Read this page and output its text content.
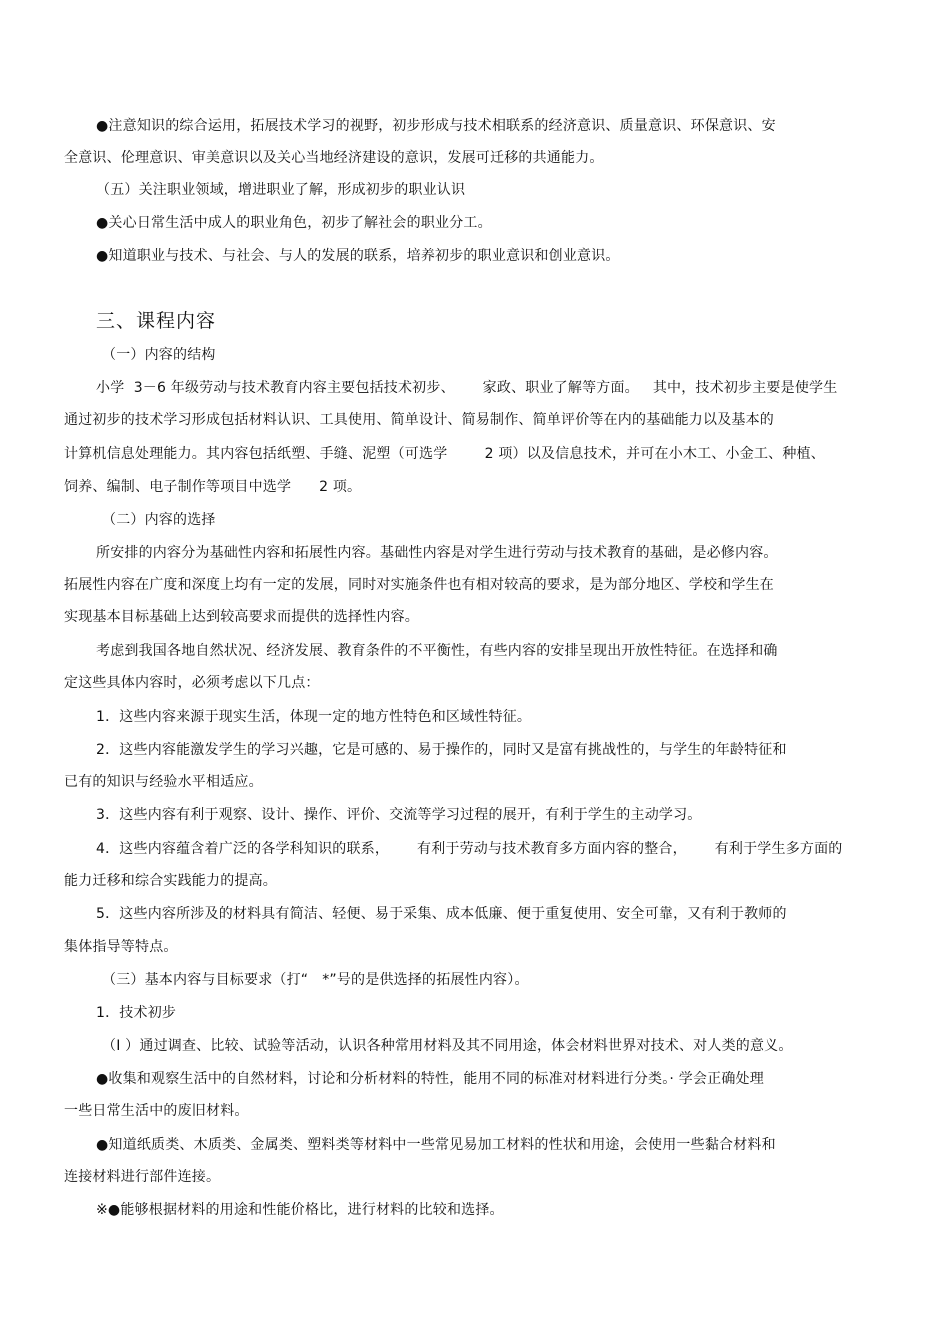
●注意知识的综合运用，拓展技术学习的视野，初步形成与技术相联系的经济意识、质量意识、环保意识、安
全意识、伦理意识、审美意识以及关心当地经济建设的意识，发展可迁移的共通能力。
（五）关注职业领域，增进职业了解，形成初步的职业认识
●关心日常生活中成人的职业角色，初步了解社会的职业分工。
●知道职业与技术、与社会、与人的发展的联系，培养初步的职业意识和创业意识。
三、课程内容
（一）内容的结构
小学  3－6 年级劳动与技术教育内容主要包括技术初步、      家政、职业了解等方面。   其中，技术初步主要是使学生
通过初步的技术学习形成包括材料认识、工具使用、简单设计、简易制作、简单评价等在内的基础能力以及基本的
计算机信息处理能力。其内容包括纸塑、手缝、泥塑（可选学        2 项）以及信息技术，并可在小木工、小金工、种植、
饲养、编制、电子制作等项目中选学      2 项。
（二）内容的选择
所安排的内容分为基础性内容和拓展性内容。基础性内容是对学生进行劳动与技术教育的基础，是必修内容。
拓展性内容在广度和深度上均有一定的发展，同时对实施条件也有相对较高的要求，是为部分地区、学校和学生在
实现基本目标基础上达到较高要求而提供的选择性内容。
考虑到我国各地自然状况、经济发展、教育条件的不平衡性，有些内容的安排呈现出开放性特征。在选择和确
定这些具体内容时，必须考虑以下几点：
1．这些内容来源于现实生活，体现一定的地方性特色和区域性特征。
2．这些内容能激发学生的学习兴趣，它是可感的、易于操作的，同时又是富有挑战性的，与学生的年龄特征和
已有的知识与经验水平相适应。
3．这些内容有利于观察、设计、操作、评价、交流等学习过程的展开，有利于学生的主动学习。
4．这些内容蕴含着广泛的各学科知识的联系，      有利于劳动与技术教育多方面内容的整合，      有利于学生多方面的
能力迁移和综合实践能力的提高。
5．这些内容所涉及的材料具有简洁、轻便、易于采集、成本低廉、便于重复使用、安全可靠，又有利于教师的
集体指导等特点。
（三）基本内容与目标要求（打“   *”号的是供选择的拓展性内容）。
1．技术初步
（I ）通过调查、比较、试验等活动，认识各种常用材料及其不同用途，体会材料世界对技术、对人类的意义。
●收集和观察生活中的自然材料，讨论和分析材料的特性，能用不同的标准对材料进行分类。· 学会正确处理
一些日常生活中的废旧材料。
●知道纸质类、木质类、金属类、塑料类等材料中一些常见易加工材料的性状和用途，会使用一些黏合材料和
连接材料进行部件连接。
※●能够根据材料的用途和性能价格比，进行材料的比较和选择。
